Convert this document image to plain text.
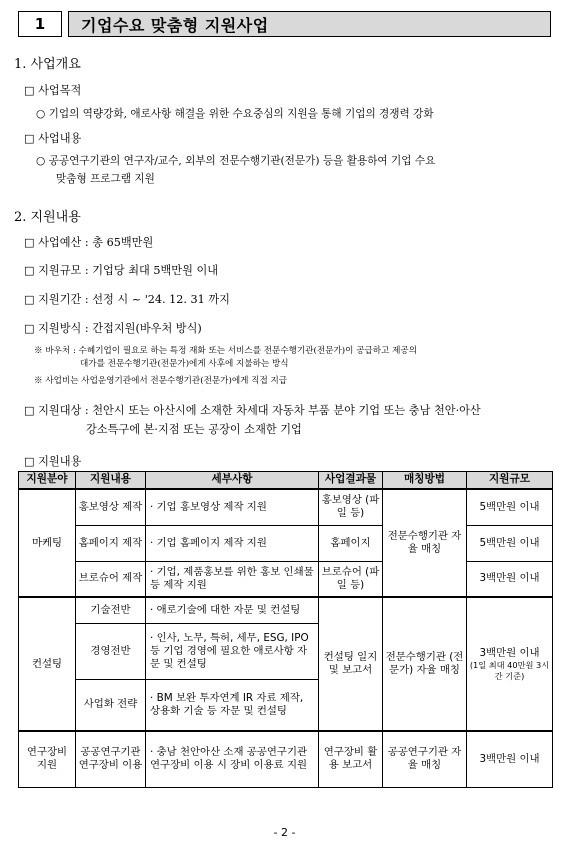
1	기업수요 맞춤형 지원사업
1. 사업개요
□ 사업목적
○ 기업의 역량강화, 애로사항 해결을 위한 수요중심의 지원을 통해 기업의 경쟁력 강화
□ 사업내용
○ 공공연구기관의 연구자/교수, 외부의 전문수행기관(전문가) 등을 활용하여 기업 수요
맞춤형 프로그램 지원
2. 지원내용
□ 사업예산 : 총 65백만원
□ 지원규모 : 기업당 최대 5백만원 이내
□ 지원기간 : 선정 시 ~ '24. 12. 31 까지
□ 지원방식 : 간접지원(바우처 방식)
※ 바우처 : 수혜기업이 필요로 하는 특정 재화 또는 서비스를 전문수행기관(전문가)이 공급하고 제공의
대가를 전문수행기관(전문가)에게 사후에 지불하는 방식
※ 사업비는 사업운영기관에서 전문수행기관(전문가)에게 직접 지급
□ 지원대상 : 천안시 또는 아산시에 소재한 차세대 자동차 부품 분야 기업 또는 충남 천안·아산
강소특구에 본·지점 또는 공장이 소재한 기업
□ 지원내용
지원분야	지원내용	세부사항	사업결과물	매칭방법	지원규모
마케팅	홍보영상 제작	· 기업 홍보영상 제작 지원	홍보영상 (파일 등)	전문수행기관 자율 매칭	5백만원 이내
	홈페이지 제작	· 기업 홈페이지 제작 지원	홈페이지		5백만원 이내
	브로슈어 제작	· 기업, 제품홍보를 위한 홍보 인쇄물 등 제작 지원	브로슈어 (파일 등)		3백만원 이내
컨설팅	기술전반	· 애로기술에 대한 자문 및 컨설팅	컨설팅 일지 및 보고서	전문수행기관 (전문가) 자율 매칭	3백만원 이내
(1일 최대 40만원 3시간 기준)

	경영전반	· 인사, 노무, 특허, 세무, ESG, IPO 등 기업 경영에 필요한 애로사항 자문 및 컨설팅			
	사업화 전략	· BM 보완 투자연계 IR 자료 제작, 상용화 기술 등 자문 및 컨설팅			
연구장비 지원	공공연구기관 연구장비 이용	· 충남 천안아산 소재 공공연구기관 연구장비 이용 시 장비 이용료 지원	연구장비 활용 보고서	공공연구기관 자율 매칭	3백만원 이내
- 2 -
